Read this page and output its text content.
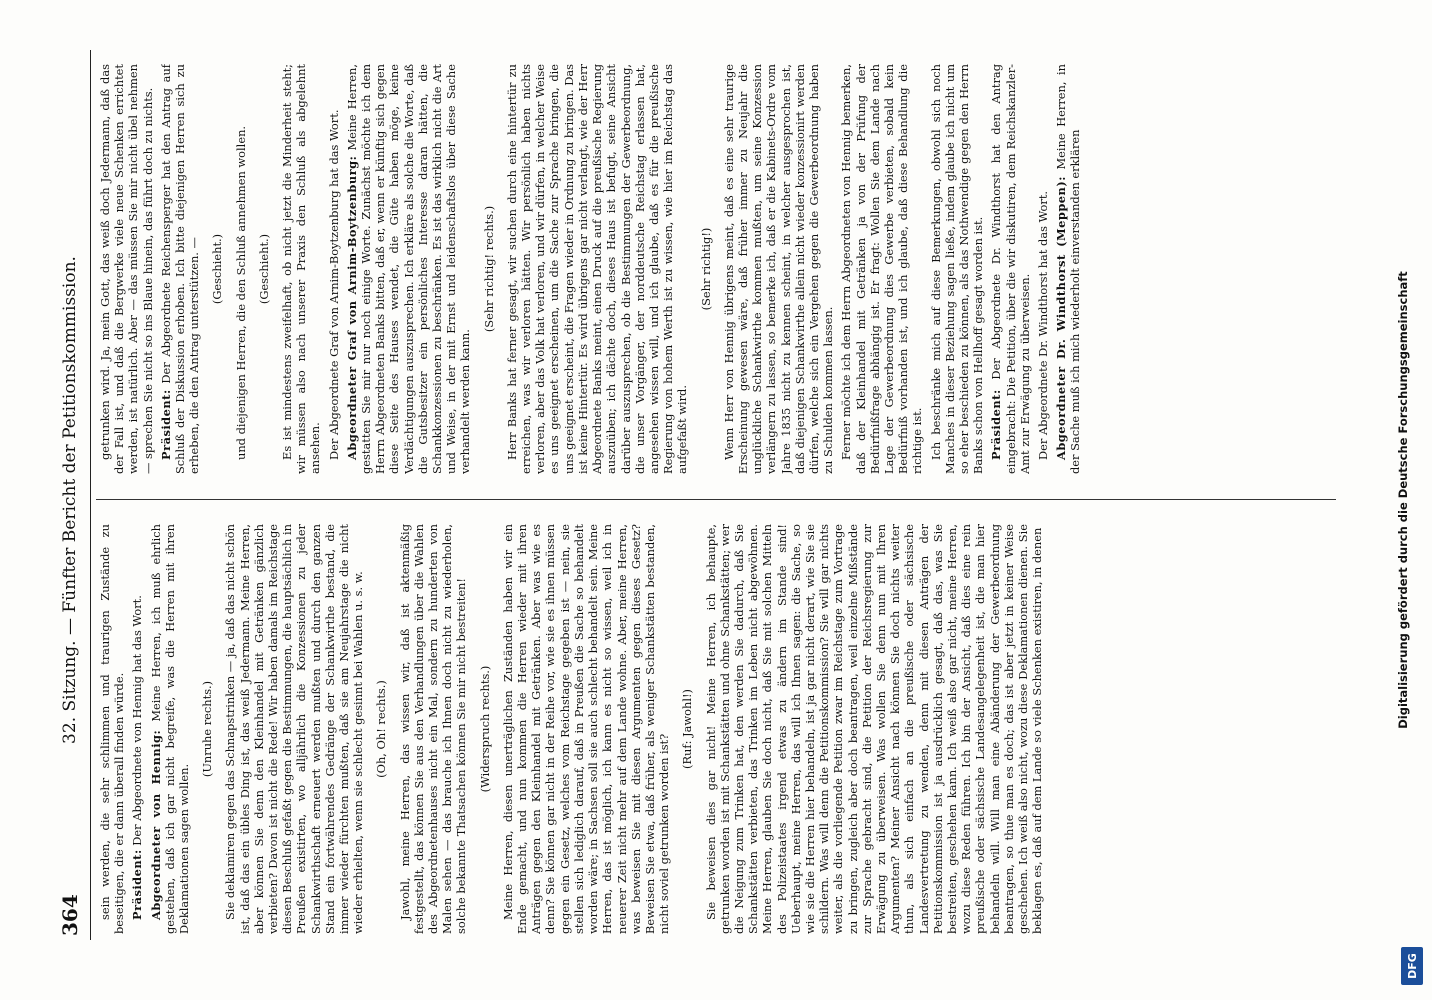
364
32. Sitzung. — Fünfter Bericht der Petitionskommission. sein werden, die sehr schlimmen und traurigen Zustände zu beseitigen, die er dann überall finden würde. Präsident: Der Abgeordnete von Hennig hat das Wort. Abgeordneter von Hennig: Meine Herren, ich muß ehrlich gestehen, daß ich gar nicht begreife, was die Herren mit ihren Deklamationen sagen wollen.

(Unruhe rechts.) Sie deklamiren gegen das Schnapstrinken — ja, daß das nicht schön ist, daß das ein übles Ding ist, das weiß Jedermann. Meine Herren, aber können Sie denn den Kleinhandel mit Getränken gänzlich verbieten? Davon ist nicht die Rede! Wir haben damals im Reichstage diesen Beschluß gefaßt gegen die Bestimmungen, die hauptsächlich in Preußen existirten, wo alljährlich die Konzessionen zu jeder Schankwirthschaft erneuert werden mußten und durch den ganzen Stand ein fortwährendes Gedränge der Schankwirthe bestand, die immer wieder fürchten mußten, daß sie am Neujahrstage die nicht wieder erhielten, wenn sie schlecht gesinnt bei Wahlen u. s. w. (Oh, Oh! rechts.) Jawohl, meine Herren, das wissen wir, daß ist aktenmäßig festgestellt, das können Sie aus den Verhandlungen über die Wahlen des Abgeordnetenhauses nicht ein Mal, sondern zu hunderten von Malen sehen — das brauche ich Ihnen doch nicht zu wiederholen, solche bekannte Thatsachen können Sie mir nicht bestreiten! (Widerspruch rechts.) Meine Herren, diesen unerträglichen Zuständen haben wir ein Ende gemacht, und nun kommen die Herren wieder mit ihren Anträgen gegen den Kleinhandel mit Getränken. Aber was wie es denn? Sie können gar nicht in der Reihe vor, wie sie es ihnen müssen gegen ein Gesetz, welches vom Reichstage gegeben ist — nein, sie stellen sich lediglich darauf, daß in Preußen die Sache so behandelt worden wäre; in Sachsen soll sie auch schlecht behandelt sein. Meine Herren, das ist möglich, ich kann es nicht so wissen, weil ich in neuerer Zeit nicht mehr auf dem Lande wohne. Aber, meine Herren, was beweisen Sie mit diesen Argumenten gegen dieses Gesetz? Beweisen Sie etwa, daß früher, als weniger Schankstätten bestanden, nicht soviel getrunken worden ist?

(Ruf: Jawohl!) Sie beweisen dies gar nicht! Meine Herren, ich behaupte, getrunken worden ist mit Schankstätten und ohne Schankstätten; wer die Neigung zum Trinken hat, den werden Sie dadurch, daß Sie Schankstätten verbieten, das Trinken im Leben nicht abgewöhnen. Meine Herren, glauben Sie doch nicht, daß Sie mit solchen Mitteln des Polizeistaates irgend etwas zu ändern im Stande sind! Ueberhaupt, meine Herren, das will ich Ihnen sagen: die Sache, so wie sie die Herren hier behandeln, ist ja gar nicht derart, wie Sie sie schildern. Was will denn die Petitionskommission? Sie will gar nichts weiter, als die vorliegende Petition zwar im Reichstage zum Vortrage zu bringen, zugleich aber doch beantragen, weil einzelne Mißstände zur Sprache gebracht sind, die Petition der Reichsregierung zur Erwägung zu überweisen. Was wollen Sie denn nun mit Ihren Argumenten? Meiner Ansicht nach können Sie doch nichts weiter thun, als sich einfach an die preußische oder sächsische Landesvertretung zu wenden, denn mit diesen Anträgen der Petitionskommission ist ja ausdrücklich gesagt, daß das, was Sie bestreiten, geschehen kann. Ich weiß also gar nicht, meine Herren, wozu diese Reden führen. Ich bin der Ansicht, daß dies eine rein preußische oder sächsische Landesangelegenheit ist, die man hier behandeln will. Will man eine Abänderung der Gewerbeordnung beantragen, so thue man es doch; das ist aber jetzt in keiner Weise geschehen. Ich weiß also nicht, wozu diese Deklamationen dienen. Sie beklagen es, daß auf dem Lande so viele Schenken existiren, in denen

getrunken wird. Ja, mein Gott, das weiß doch Jedermann, daß das der Fall ist, und daß die Bergwerke viele neue Schenken errichtet werden, ist natürlich. Aber — das müssen Sie mir nicht übel nehmen — sprechen Sie nicht so ins Blaue hinein, das führt doch zu nichts. Präsident: Der Abgeordnete Reichensperger hat den Antrag auf Schluß der Diskussion erhoben. Ich bitte diejenigen Herren sich zu erheben, die den Antrag unterstützen. — (Geschieht.) und diejenigen Herren, die den Schluß annehmen wollen. (Geschieht.) Es ist mindestens zweifelhaft, ob nicht jetzt die Minderheit steht; wir müssen also nach unserer Praxis den Schluß als abgelehnt ansehen. Der Abgeordnete Graf von Arnim-Boytzenburg hat das Wort. Abgeordneter Graf von Arnim-Boytzenburg: Meine Herren, gestatten Sie mir nur noch einige Worte. Zunächst möchte ich dem Herrn Abgeordneten Banks bitten, daß er, wenn er künftig sich gegen diese Seite des Hauses wendet, die Güte haben möge, keine Verdächtigungen auszusprechen. Ich erkläre als solche die Worte, daß die Gutsbesitzer ein persönliches Interesse daran hätten, die Schankkonzessionen zu beschränken. Es ist das wirklich nicht die Art und Weise, in der mit Ernst und leidenschaftslos über diese Sache verhandelt werden kann.

(Sehr richtig! rechts.) Herr Banks hat ferner gesagt, wir suchen durch eine hintertür zu erreichen, was wir verloren hätten. Wir persönlich haben nichts verloren, aber das Volk hat verloren, und wir dürfen, in welcher Weise es uns geeignet erscheinen, um die Sache zur Sprache bringen, die uns geeignet erscheint, die Fragen wieder in Ordnung zu bringen. Das ist keine Hintertür. Es wird übrigens gar nicht verlangt, wie der Herr Abgeordnete Banks meint, einen Druck auf die preußische Regierung auszuüben; ich dächte doch, dieses Haus ist befugt, seine Ansicht darüber auszusprechen, ob die Bestimmungen der Gewerbeordnung, die unser Vorgänger, der norddeutsche Reichstag erlassen hat, angesehen wissen will, und ich glaube, daß es für die preußische Regierung von hohem Werth ist zu wissen, wie hier im Reichstag das aufgefaßt wird.

(Sehr richtig!) Wenn Herr von Hennig übrigens meint, daß es eine sehr traurige Erscheinung gewesen wäre, daß früher immer zu Neujahr die unglückliche Schankwirthe kommen mußten, um seine Konzession verlängern zu lassen, so bemerke ich, daß er die Kabinets-Ordre vom Jahre 1835 nicht zu kennen scheint, in welcher ausgesprochen ist, daß diejenigen Schankwirthe allein nicht wieder konzessionirt werden dürfen, welche sich ein Vergehen gegen die Gewerbeordnung haben zu Schulden kommen lassen. Ferner möchte ich dem Herrn Abgeordneten von Hennig bemerken, daß der Kleinhandel mit Getränken ja von der Prüfung der Bedürfnißfrage abhängig ist. Er fragt: Wollen Sie dem Lande nach Lage der Gewerbeordnung dies Gewerbe verbieten, sobald kein Bedürfniß vorhanden ist, und ich glaube, daß diese Behandlung die richtige ist. Ich beschränke mich auf diese Bemerkungen, obwohl sich noch Manches in dieser Beziehung sagen ließe, indem glaube ich nicht um so eher beschieden zu können, als das Nothwendige gegen den Herrn Banks schon von Hellhoff gesagt worden ist. Präsident: Der Abgeordnete Dr. Windthorst hat den Antrag eingebracht: Die Petition, über die wir diskutiren, dem Reichskanzler-Amt zur Erwägung zu überweisen. Der Abgeordnete Dr. Windthorst hat das Wort. Abgeordneter Dr. Windthorst (Meppen): Meine Herren, in der Sache muß ich mich wiederholt einverstanden erklären

DFG
Digitalisierung gefördert durch die Deutsche Forschungsgemeinschaft
